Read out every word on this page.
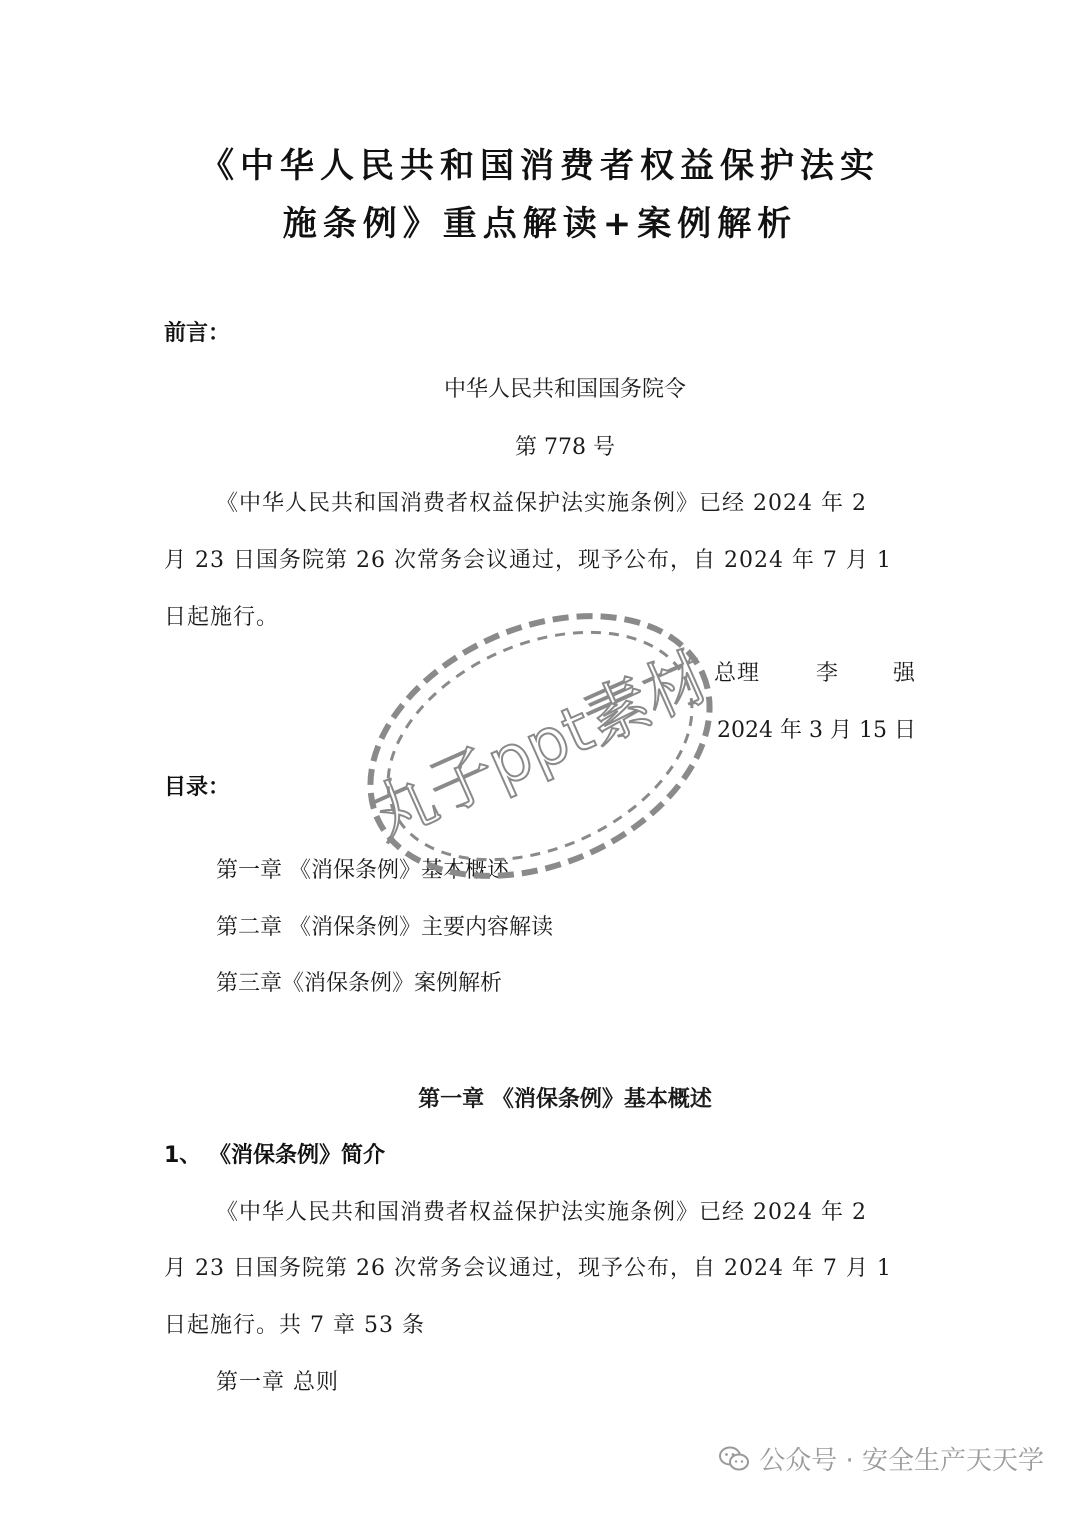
《中华人民共和国消费者权益保护法实
施条例》重点解读+案例解析
前言：
中华人民共和国国务院令
第 778 号
《中华人民共和国消费者权益保护法实施条例》已经 2024 年 2
月 23 日国务院第 26 次常务会议通过，现予公布，自 2024 年 7 月 1
日起施行。
总理	李 强
2024 年 3 月 15 日
目录：
第一章 《消保条例》基本概述
第二章 《消保条例》主要内容解读
第三章《消保条例》案例解析
第一章 《消保条例》基本概述
1、 《消保条例》简介
《中华人民共和国消费者权益保护法实施条例》已经 2024 年 2
月 23 日国务院第 26 次常务会议通过，现予公布，自 2024 年 7 月 1
日起施行。共 7 章 53 条
第一章 总则
丸子ppt素材
公众号 · 安全生产天天学
